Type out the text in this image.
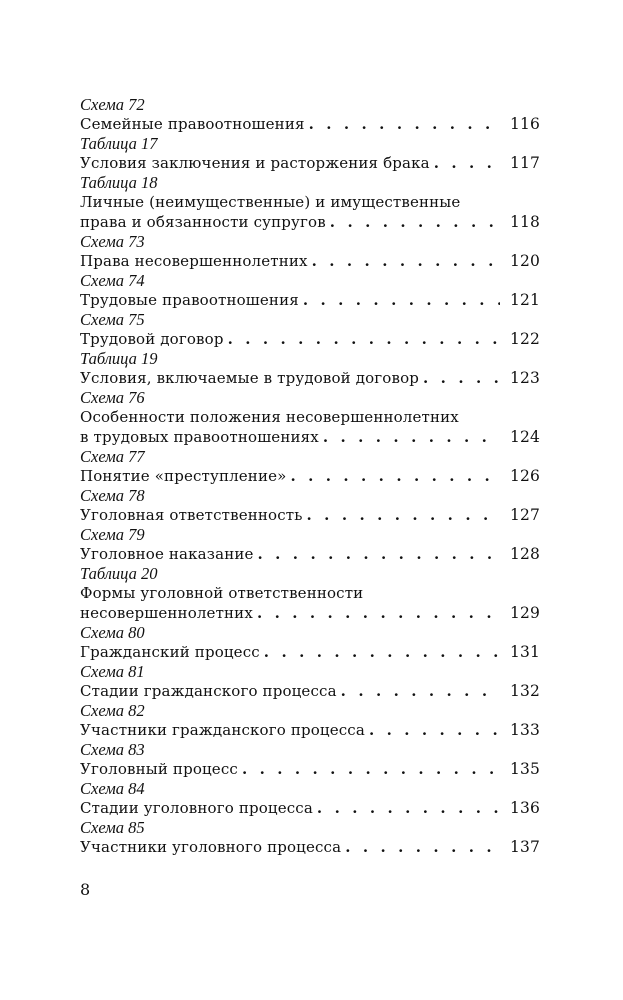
Схема 72
Семейные правоотношения . . .	116
Таблица 17
Условия заключения и расторжения брака . . .	117
Таблица 18
Личные (неимущественные) и имущественные
права и обязанности супругов . . .	118
Схема 73
Права несовершеннолетних . . .	120
Схема 74
Трудовые правоотношения . . .	121
Схема 75
Трудовой договор . . .	122
Таблица 19
Условия, включаемые в трудовой договор . . .	123
Схема 76
Особенности положения несовершеннолетних
в трудовых правоотношениях . . .	124
Схема 77
Понятие «преступление» . . .	126
Схема 78
Уголовная ответственность . . .	127
Схема 79
Уголовное наказание . . .	128
Таблица 20
Формы уголовной ответственности
несовершеннолетних . . .	129
Схема 80
Гражданский процесс . . .	131
Схема 81
Стадии гражданского процесса . . .	132
Схема 82
Участники гражданского процесса . . .	133
Схема 83
Уголовный процесс . . .	135
Схема 84
Стадии уголовного процесса . . .	136
Схема 85
Участники уголовного процесса . . .	137
8
